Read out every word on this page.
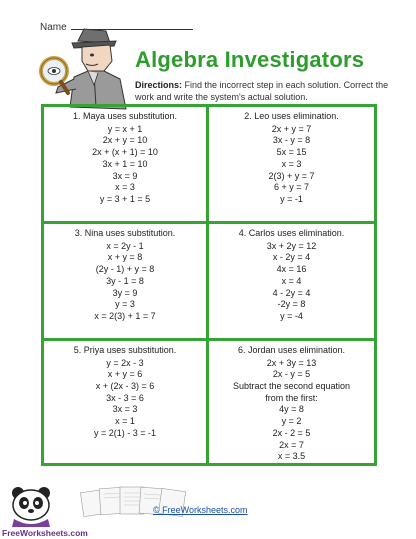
Name
Algebra Investigators
Directions: Find the incorrect step in each solution. Correct the work and write the system's actual solution.
1. Maya uses substitution.
y = x + 1
2x + y = 10
2x + (x + 1) = 10
3x + 1 = 10
3x = 9
x = 3
y = 3 + 1 = 5
2. Leo uses elimination.
2x + y = 7
3x - y = 8
5x = 15
x = 3
2(3) + y = 7
6 + y = 7
y = -1
3. Nina uses substitution.
x = 2y - 1
x + y = 8
(2y - 1) + y = 8
3y - 1 = 8
3y = 9
y = 3
x = 2(3) + 1 = 7
4. Carlos uses elimination.
3x + 2y = 12
x - 2y = 4
4x = 16
x = 4
4 - 2y = 4
-2y = 8
y = -4
5. Priya uses substitution.
y = 2x - 3
x + y = 6
x + (2x - 3) = 6
3x - 3 = 6
3x = 3
x = 1
y = 2(1) - 3 = -1
6. Jordan uses elimination.
2x + 3y = 13
2x - y = 5
Subtract the second equation from the first:
4y = 8
y = 2
2x - 2 = 5
2x = 7
x = 3.5
FreeWorksheets.com
© FreeWorksheets.com
